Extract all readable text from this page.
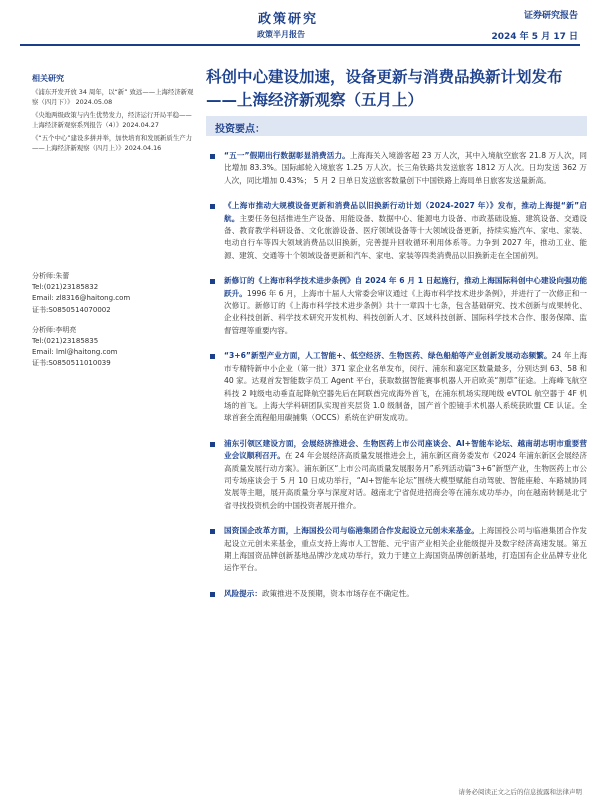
政策研究
政策半月报告
证券研究报告
2024 年 5 月 17 日
科创中心建设加速，设备更新与消费品换新计划发布——上海经济新观察（五月上）
相关研究
《浦东开发开放 34 周年，以“新” 致远——上海经济新观察（四月下）》 2024.05.08
《央地两级政策与内生优势发力，经济运行开局平稳——上海经济新观察系列报告（4）》2024.04.27
《“五个中心”建设多拼并举，加快培育和发展新质生产力——上海经济新观察（四月上）》2024.04.16
分析师:朱蕾
Tel:(021)23185832
Email: zl8316@haitong.com
证书:S0850514070002
分析师:李明亮
Tel:(021)23185835
Email: lml@haitong.com
证书:S0850511010039
投资要点：
“五一”假期出行数据彰显消费活力。上海海关入境游客超 23 万人次，其中入境航空旅客 21.8 万人次，同比增加 83.3%。国际邮轮入境旅客 1.25 万人次。长三角铁路共发送旅客 1812 万人次。日均发送 362 万人次，同比增加 0.43%； 5 月 2 日单日发送旅客数量创下中国铁路上海局单日旅客发送量新高。
《上海市推动大规模设备更新和消费品以旧换新行动计划（2024-2027 年）》发布，推动上海提“新”启航。主要任务包括推进生产设备、用能设备、数据中心、能源电力设备、市政基础设施、建筑设备、交通设备、教育教学科研设备、文化旅游设备、医疗领域设备等十大领域设备更新，持续实施汽车、家电、家装、电动自行车等四大领域消费品以旧换新，完善提升回收循环利用体系等。力争到 2027 年，推动工业、能源、建筑、交通等十个领域设备更新和汽车、家电、家装等四类消费品以旧换新走在全国前列。
新修订的《上海市科学技术进步条例》自 2024 年 6 月 1 日起施行，推动上海国际科创中心建设向强功能跃升。1996 年 6 月，上海市十届人大常委会审议通过《上海市科学技术进步条例》，并进行了一次修正和一次修订。新修订的《上海市科学技术进步条例》共十一章四十七条，包含基础研究、技术创新与成果转化、企业科技创新、科学技术研究开发机构、科技创新人才、区域科技创新、国际科学技术合作、服务保障、监督管理等重要内容。
“3+6”新型产业方面，人工智能+、低空经济、生物医药、绿色船舶等产业创新发展动态频繁。24 年上海市专精特新中小企业（第一批）371 家企业名单发布，闵行、浦东和嘉定区数量最多，分别达到 63、58 和 40 家。达观首发智能数字员工 Agent 平台，获取数据智能赛事机器人开启欧美“割草”征途。上海峰飞航空科技 2 吨级电动垂直起降航空器先后在阿联酋完成海外首飞，在浦东机场实现吨级 eVTOL 航空器于 4F 机场的首飞。上海大学科研团队实现首夹层货 1.0 级制备，国产首个腔镜手术机器人系统获欧盟 CE 认证。全球首套全流程船用碳捕集（OCCS）系统在沪研发成功。
浦东引领区建设方面，会展经济推进会、生物医药上市公司座谈会、AI+智能车论坛、越南胡志明市重要营业会议顺利召开。在 24 年会展经济高质量发展推进会上，浦东新区商务委发布《2024 年浦东新区会展经济高质量发展行动方案》。浦东新区“上市公司高质量发展服务月”系列活动篇“3+6”新型产业，生物医药上市公司专场座谈会于 5 月 10 日成功举行，“AI+智能车论坛”围绕大模型赋能自动驾驶、智能座舱、车路城协同发展等主题，展开高质量分享与深度对话。越南北宁省促进招商会等在浦东成功举办，向在越南转制是北宁省寻找投资机会的中国投资者展开推介。
国资国企改革方面，上海国投公司与临港集团合作发起设立元创未来基金。上海国投公司与临港集团合作发起设立元创未来基金，重点支持上海市人工智能、元宇宙产业相关企业能级提升及数字经济高速发展。第五期上海国资品牌创新基地品牌沙龙成功举行，致力于建立上海国资品牌创新基地，打造国有企业品牌专业化运作平台。
风险提示：政策推进不及预期，资本市场存在不确定性。
请务必阅读正文之后的信息披露和法律声明
